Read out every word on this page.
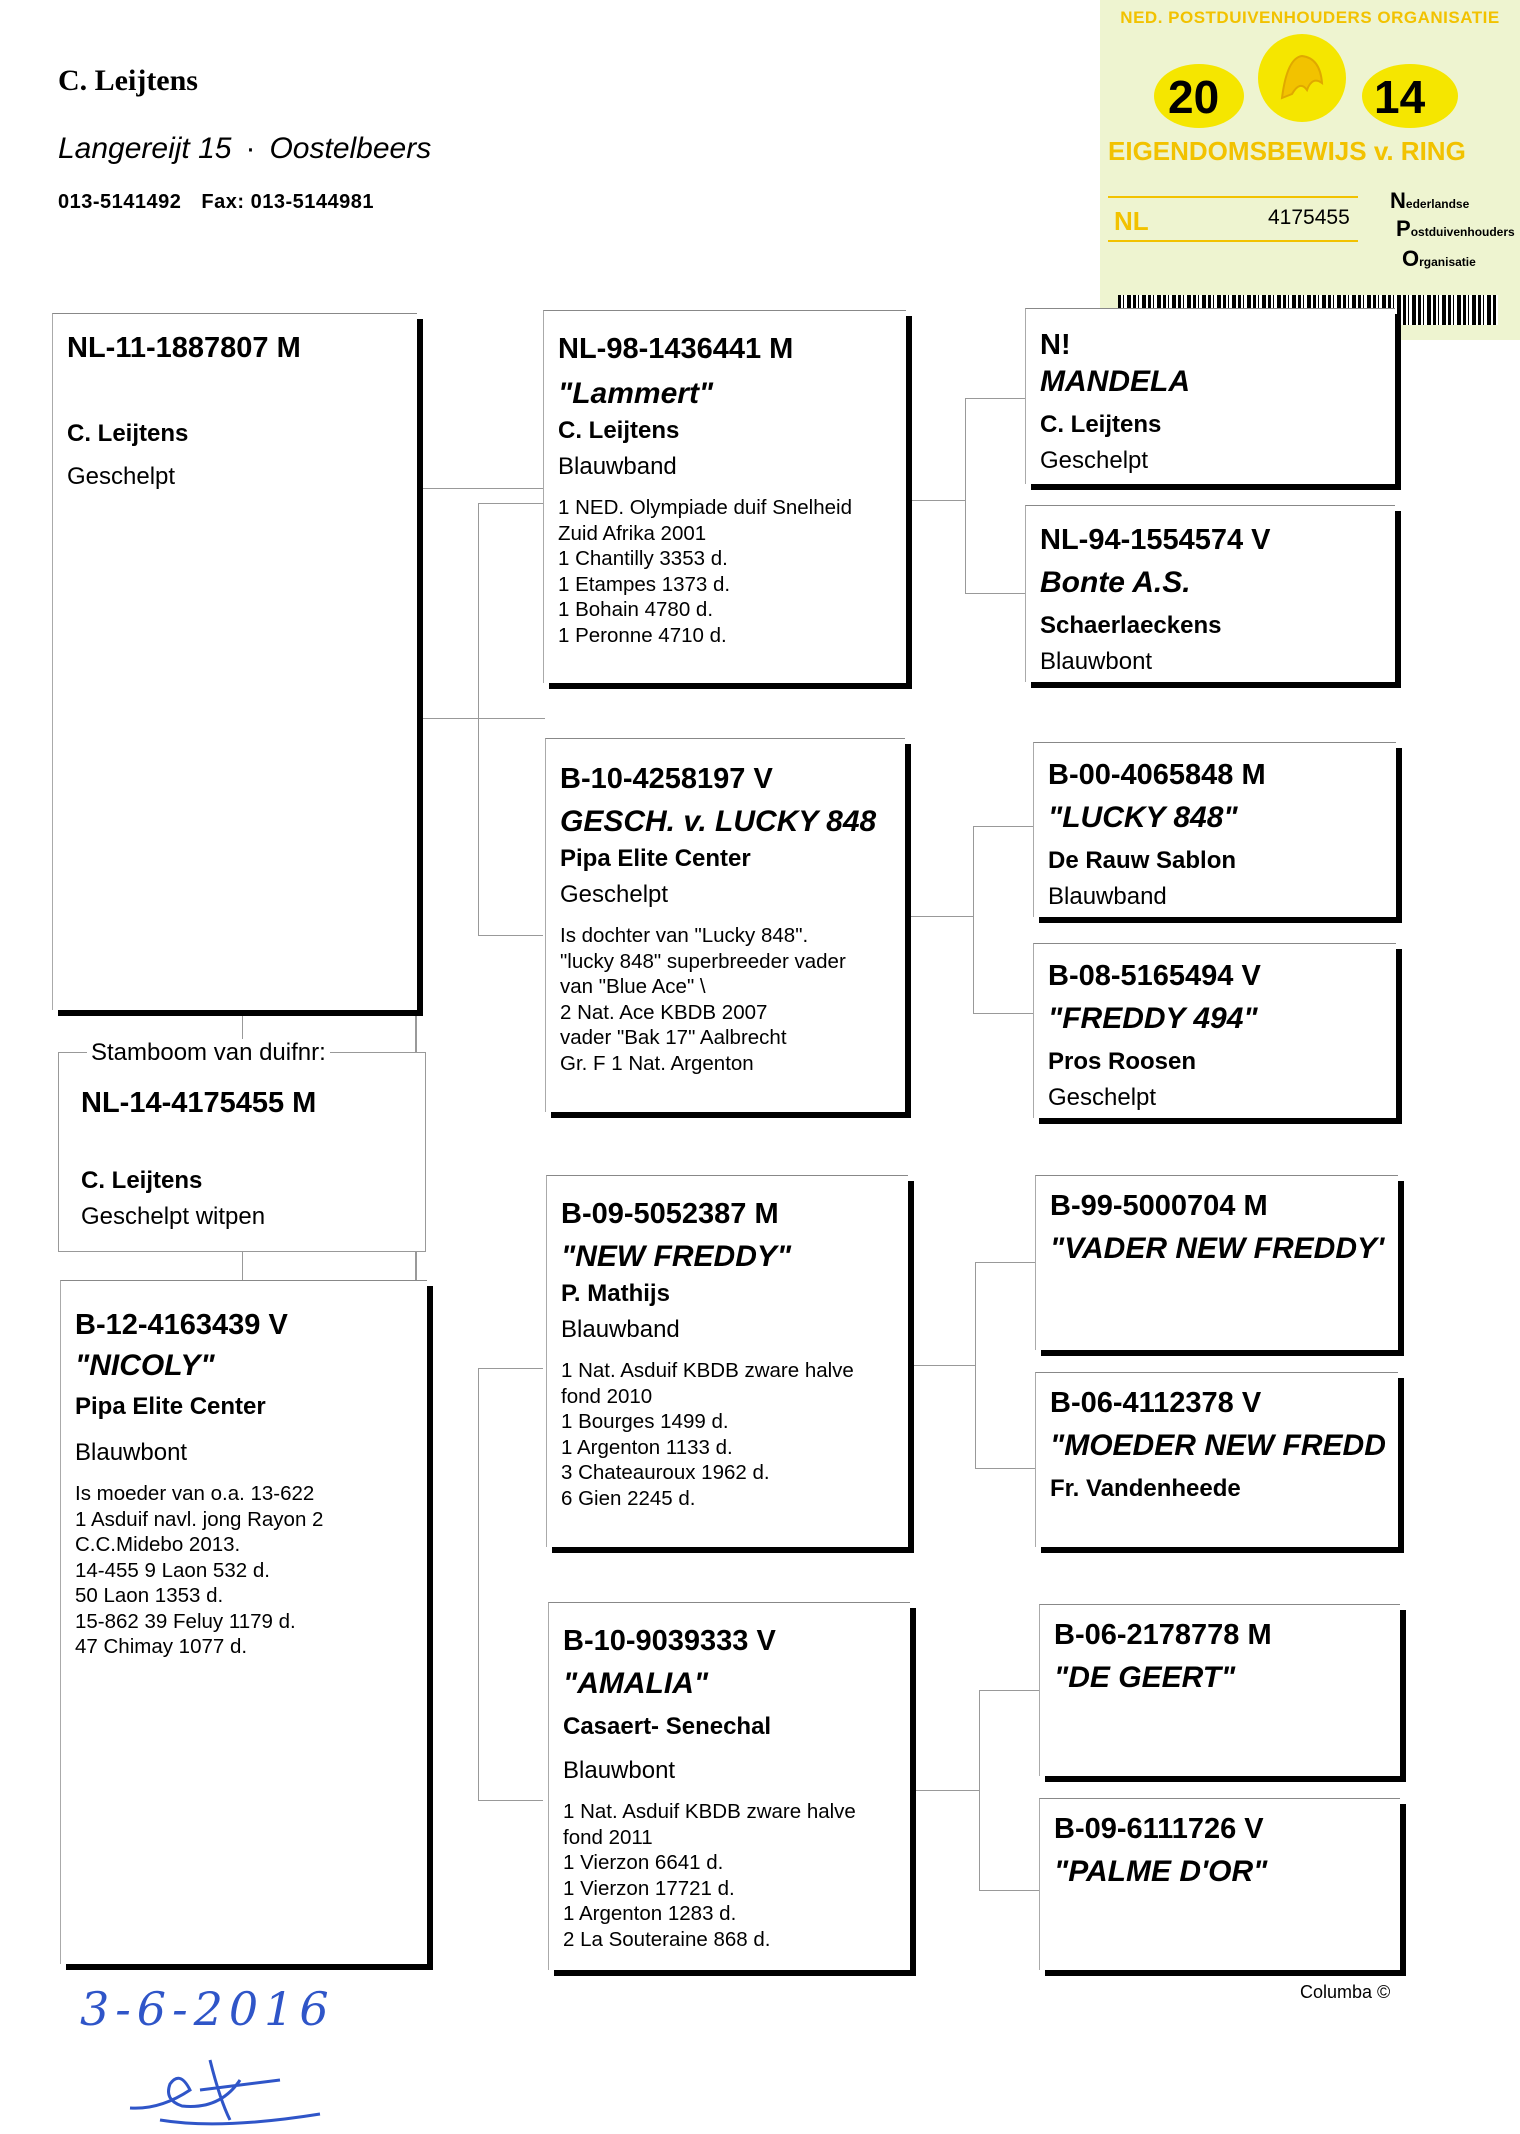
C. Leijtens
Langereijt 15 · Oostelbeers
013-5141492 Fax: 013-5144981
NED. POSTDUIVENHOUDERS ORGANISATIE
20	14
EIGENDOMSBEWIJS v. RING
NL	4175455
Nederlandse
Postduivenhouders
Organisatie
NL-11-1887807 M
C. Leijtens
Geschelpt
Stamboom van duifnr:
NL-14-4175455 M
C. Leijtens
Geschelpt witpen
B-12-4163439 V
"NICOLY"
Pipa Elite Center
Blauwbont
Is moeder van o.a. 13-622
1 Asduif navl. jong Rayon 2
C.C.Midebo 2013.
14-455 9 Laon 532 d.
50 Laon 1353 d.
15-862 39 Feluy 1179 d.
47 Chimay 1077 d.
NL-98-1436441 M
"Lammert"
C. Leijtens
Blauwband
1 NED. Olympiade duif Snelheid
Zuid Afrika 2001
1 Chantilly 3353 d.
1 Etampes 1373 d.
1 Bohain 4780 d.
1 Peronne 4710 d.
B-10-4258197 V
GESCH. v. LUCKY 848
Pipa Elite Center
Geschelpt
Is dochter van "Lucky 848".
"lucky 848" superbreeder vader
van "Blue Ace" \
2 Nat. Ace KBDB 2007
vader "Bak 17" Aalbrecht
Gr. F 1 Nat. Argenton
B-09-5052387 M
"NEW FREDDY"
P. Mathijs
Blauwband
1 Nat. Asduif KBDB zware halve
fond 2010
1 Bourges 1499 d.
1 Argenton 1133 d.
3 Chateauroux 1962 d.
6 Gien 2245 d.
B-10-9039333 V
"AMALIA"
Casaert- Senechal
Blauwbont
1 Nat. Asduif KBDB zware halve
fond 2011
1 Vierzon 6641 d.
1 Vierzon 17721 d.
1 Argenton 1283 d.
2 La Souteraine 868 d.
N!
MANDELA
C. Leijtens
Geschelpt
NL-94-1554574 V
Bonte A.S.
Schaerlaeckens
Blauwbont
B-00-4065848 M
"LUCKY 848"
De Rauw Sablon
Blauwband
B-08-5165494 V
"FREDDY 494"
Pros Roosen
Geschelpt
B-99-5000704 M
"VADER NEW FREDDY'
B-06-4112378 V
"MOEDER NEW FREDD
Fr. Vandenheede
B-06-2178778 M
"DE GEERT"
B-09-6111726 V
"PALME D'OR"
Columba ©
3-6-2016
